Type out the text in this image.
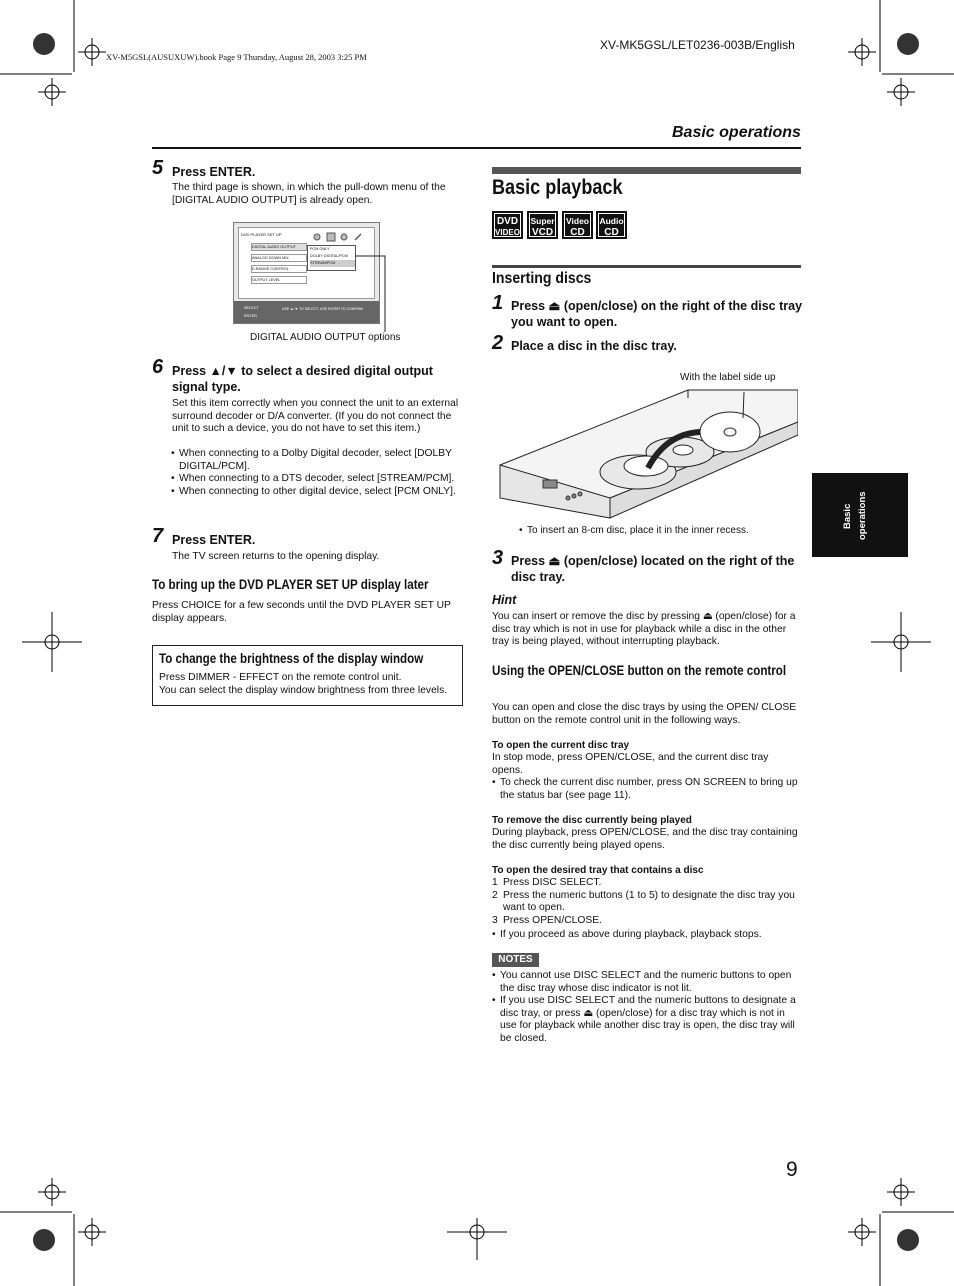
XV-M5GSL(AUSUXUW).book Page 9 Thursday, August 28, 2003 3:25 PM
XV-MK5GSL/LET0236-003B/English
Basic operations
5 Press ENTER.
The third page is shown, in which the pull-down menu of the [DIGITAL AUDIO OUTPUT] is already open.
DVD PLAYER SET UP
DIGITAL AUDIO OUTPUT
ANALOG DOWN MIX
D.RANGE CONTROL
OUTPUT LEVEL
PCM ONLY
DOLBY DIGITAL/PCM
STREAM/PCM
SELECT
ENTER
USE ▲/▼ TO SELECT, USE ENTER TO CONFIRM
DIGITAL AUDIO OUTPUT options
6 Press ▲/▼ to select a desired digital output signal type.
Set this item correctly when you connect the unit to an external surround decoder or D/A converter. (If you do not connect the unit to such a device, you do not have to set this item.)
• When connecting to a Dolby Digital decoder, select [DOLBY DIGITAL/PCM].
• When connecting to a DTS decoder, select [STREAM/PCM].
• When connecting to other digital device, select [PCM ONLY].
7 Press ENTER.
The TV screen returns to the opening display.
To bring up the DVD PLAYER SET UP display later
Press CHOICE for a few seconds until the DVD PLAYER SET UP display appears.
To change the brightness of the display window
Press DIMMER - EFFECT on the remote control unit.
You can select the display window brightness from three levels.
Basic playback
DVD
VIDEO
Super
VCD
Video
CD
Audio
CD
Inserting discs
1 Press ⏏ (open/close) on the right of the disc tray you want to open.
2 Place a disc in the disc tray.
With the label side up
• To insert an 8-cm disc, place it in the inner recess.
3 Press ⏏ (open/close) located on the right of the disc tray.
Hint
You can insert or remove the disc by pressing ⏏ (open/close) for a disc tray which is not in use for playback while a disc in the other tray is being played, without interrupting playback.
Using the OPEN/CLOSE button on the remote control
You can open and close the disc trays by using the OPEN/ CLOSE button on the remote control unit in the following ways.
To open the current disc tray
In stop mode, press OPEN/CLOSE, and the current disc tray opens.
• To check the current disc number, press ON SCREEN to bring up the status bar (see page 11).
To remove the disc currently being played
During playback, press OPEN/CLOSE, and the disc tray containing the disc currently being played opens.
To open the desired tray that contains a disc
1 Press DISC SELECT.
2 Press the numeric buttons (1 to 5) to designate the disc tray you want to open.
3 Press OPEN/CLOSE.
• If you proceed as above during playback, playback stops.
NOTES
• You cannot use DISC SELECT and the numeric buttons to open the disc tray whose disc indicator is not lit.
• If you use DISC SELECT and the numeric buttons to designate a disc tray, or press ⏏ (open/close) for a disc tray which is not in use for playback while another disc tray is open, the disc tray will be closed.
Basic operations
9
